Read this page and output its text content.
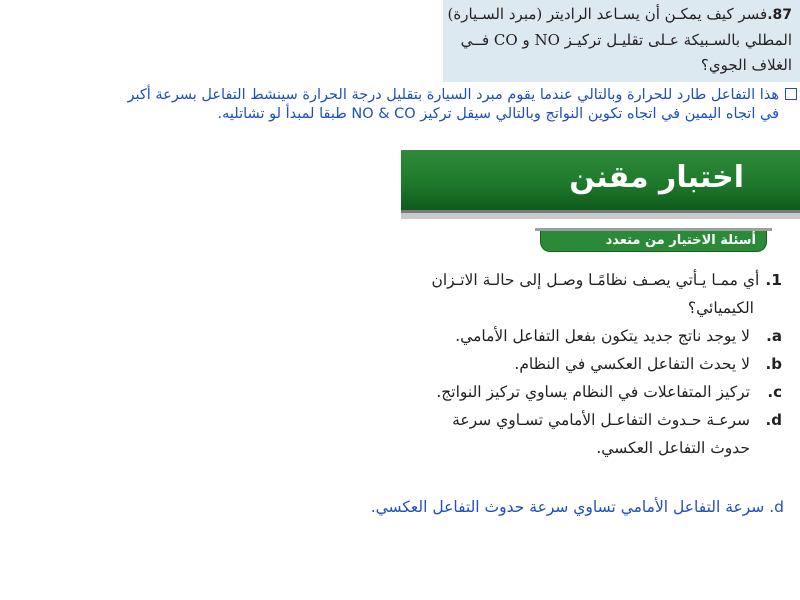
87.فسر كيف يمكـن أن يسـاعد الراديتر (مبرد السـيارة)
المطلي بالسـبيكة عـلى تقليـل تركيـز NO و CO فــي
الغلاف الجوي؟
هذا التفاعل طارد للحرارة وبالتالي عندما يقوم مبرد السيارة بتقليل درجة الحرارة سينشط التفاعل بسرعة أكبر
في اتجاه اليمين في اتجاه تكوين النواتج وبالتالي سيقل تركيز NO & CO طبقا لمبدأ لو تشاتليه.
اختبار مقنن
أسئلة الاختيار من متعدد
1.أي ممـا يـأتي يصـف نظامًـا وصـل إلى حالـة الاتـزان
الكيميائي؟
a.
لا يوجد ناتج جديد يتكون بفعل التفاعل الأمامي.
b.
لا يحدث التفاعل العكسي في النظام.
c.
تركيز المتفاعلات في النظام يساوي تركيز النواتج.
d.
سرعـة حـدوث التفاعـل الأمامي تسـاوي سرعة
حدوث التفاعل العكسي.
d. سرعة التفاعل الأمامي تساوي سرعة حدوث التفاعل العكسي.
